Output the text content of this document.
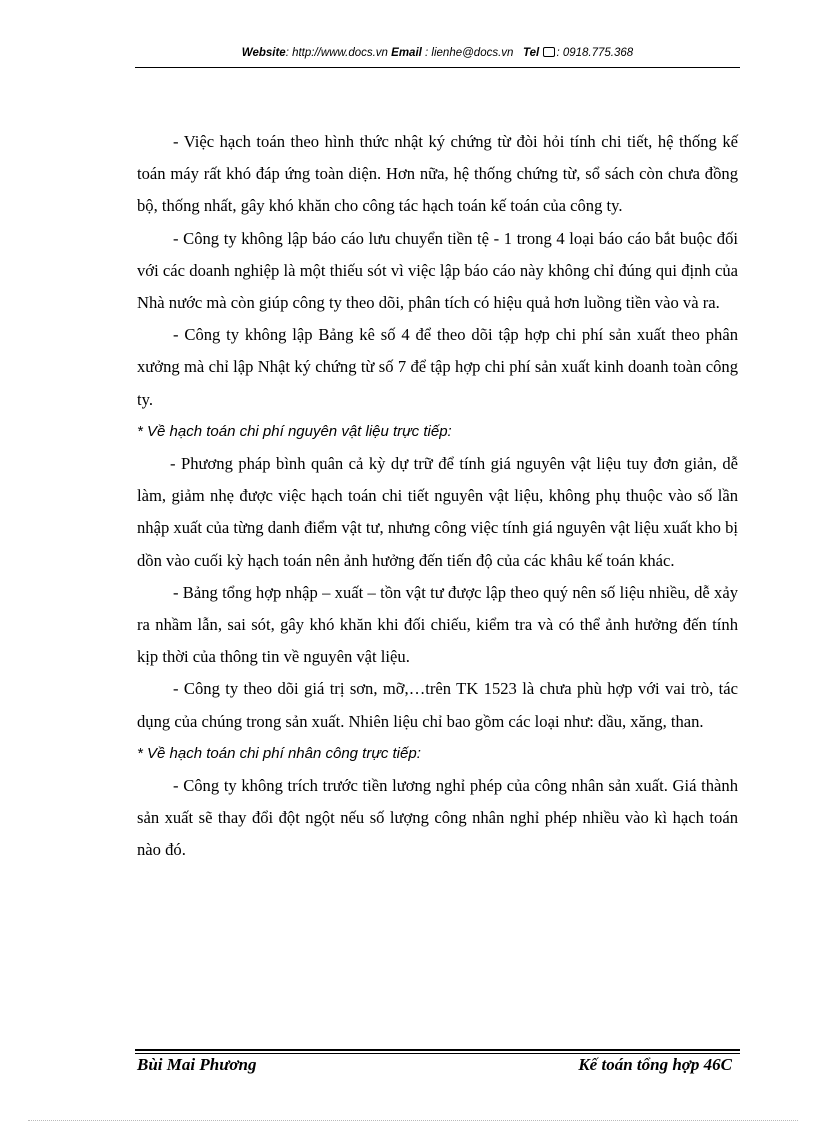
Website: http://www.docs.vn Email : lienhe@docs.vn Tel : 0918.775.368

- Việc hạch toán theo hình thức nhật ký chứng từ đòi hỏi tính chi tiết, hệ thống kế toán máy rất khó đáp ứng toàn diện. Hơn nữa, hệ thống chứng từ, sổ sách còn chưa đồng bộ, thống nhất, gây khó khăn cho công tác hạch toán kế toán của công ty.

- Công ty không lập báo cáo lưu chuyển tiền tệ - 1 trong 4 loại báo cáo bắt buộc đối với các doanh nghiệp là một thiếu sót vì việc lập báo cáo này không chỉ đúng qui định của Nhà nước mà còn giúp công ty theo dõi, phân tích có hiệu quả hơn luồng tiền vào và ra.

- Công ty không lập Bảng kê số 4 để theo dõi tập hợp chi phí sản xuất theo phân xưởng mà chỉ lập Nhật ký chứng từ số 7 để tập hợp chi phí sản xuất kinh doanh toàn công ty.

* Về hạch toán chi phí nguyên vật liệu trực tiếp:

- Phương pháp bình quân cả kỳ dự trữ để tính giá nguyên vật liệu tuy đơn giản, dễ làm, giảm nhẹ được việc hạch toán chi tiết nguyên vật liệu, không phụ thuộc vào số lần nhập xuất của từng danh điểm vật tư, nhưng công việc tính giá nguyên vật liệu xuất kho bị dồn vào cuối kỳ hạch toán nên ảnh hưởng đến tiến độ của các khâu kế toán khác.

- Bảng tổng hợp nhập – xuất – tồn vật tư được lập theo quý nên số liệu nhiều, dễ xảy ra nhầm lẫn, sai sót, gây khó khăn khi đối chiếu, kiểm tra và có thể ảnh hưởng đến tính kịp thời của thông tin về nguyên vật liệu.

- Công ty theo dõi giá trị sơn, mỡ,…trên TK 1523 là chưa phù hợp với vai trò, tác dụng của chúng trong sản xuất. Nhiên liệu chỉ bao gồm các loại như: dầu, xăng, than.

* Về hạch toán chi phí nhân công trực tiếp:

- Công ty không trích trước tiền lương nghỉ phép của công nhân sản xuất. Giá thành sản xuất sẽ thay đổi đột ngột nếu số lượng công nhân nghỉ phép nhiều vào kì hạch toán nào đó.

Bùi Mai Phương	Kế toán tổng hợp 46C
